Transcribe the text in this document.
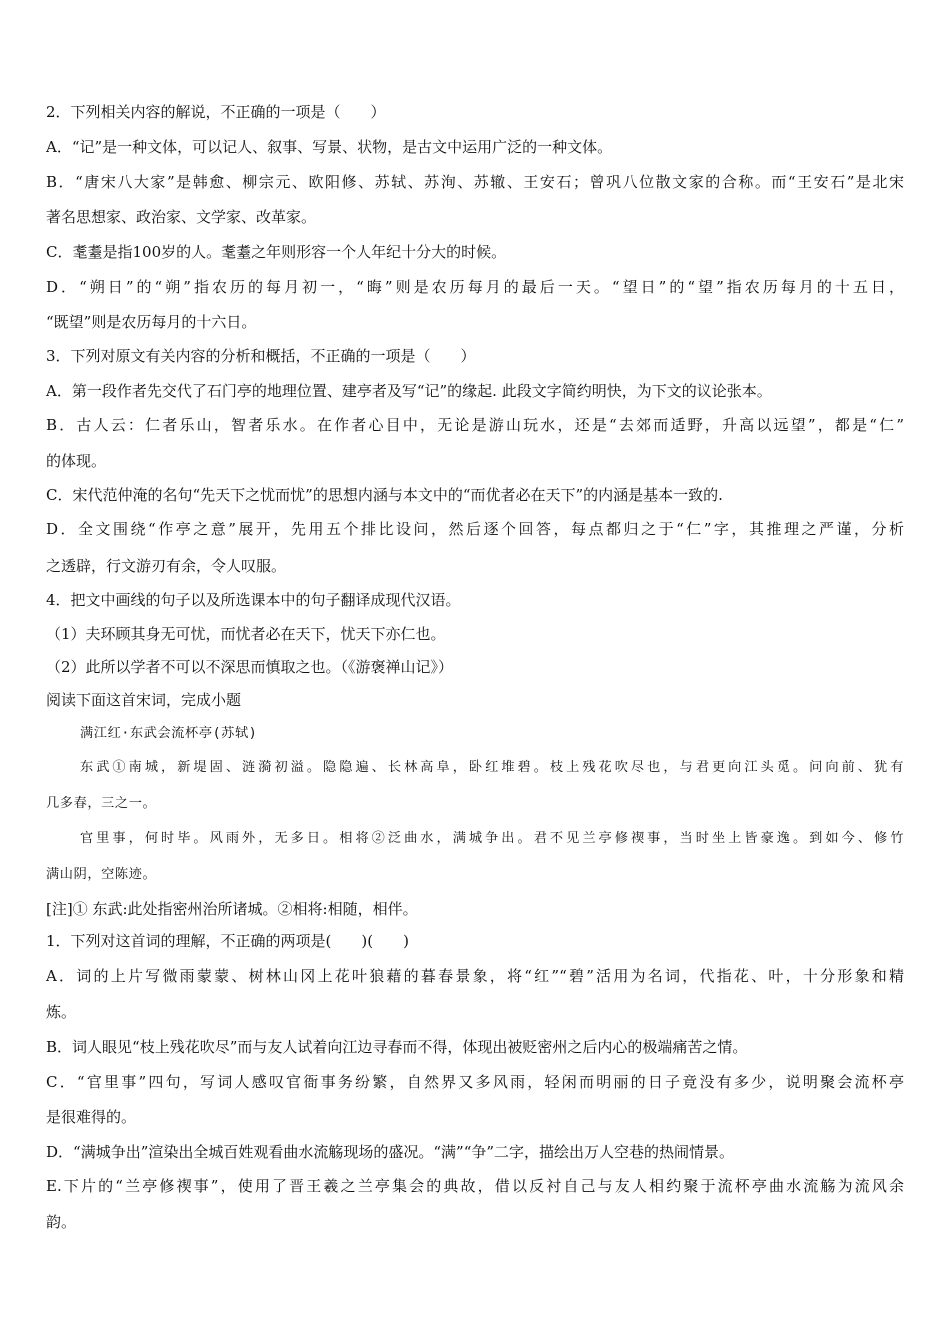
2．下列相关内容的解说，不正确的一项是（　　）
A．“记”是一种文体，可以记人、叙事、写景、状物，是古文中运用广泛的一种文体。
B．“唐宋八大家”是韩愈、柳宗元、欧阳修、苏轼、苏洵、苏辙、王安石；曾巩八位散文家的合称。而“王安石”是北宋
著名思想家、政治家、文学家、改革家。
C．耄耋是指100岁的人。耄耋之年则形容一个人年纪十分大的时候。
D．“朔日”的“朔”指农历的每月初一，“晦”则是农历每月的最后一天。“望日”的“望”指农历每月的十五日，
“既望”则是农历每月的十六日。
3．下列对原文有关内容的分析和概括，不正确的一项是（　　）
A．第一段作者先交代了石门亭的地理位置、建亭者及写“记”的缘起. 此段文字简约明快，为下文的议论张本。
B．古人云：仁者乐山，智者乐水。在作者心目中，无论是游山玩水，还是“去郊而适野，升高以远望”，都是“仁”
的体现。
C．宋代范仲淹的名句“先天下之忧而忧”的思想内涵与本文中的“而优者必在天下”的内涵是基本一致的.
D．全文围绕“作亭之意”展开，先用五个排比设问，然后逐个回答，每点都归之于“仁”字，其推理之严谨，分析
之透辟，行文游刃有余，令人叹服。
4．把文中画线的句子以及所选课本中的句子翻译成现代汉语。
（1）夫环顾其身无可忧，而忧者必在天下，忧天下亦仁也。
（2）此所以学者不可以不深思而慎取之也。（《游褒禅山记》）
阅读下面这首宋词，完成小题
满江红·东武会流杯亭(苏轼)
东武①南城，新堤固、涟漪初溢。隐隐遍、长林高阜，卧红堆碧。枝上残花吹尽也，与君更向江头觅。问向前、犹有
几多春，三之一。
官里事，何时毕。风雨外，无多日。相将②泛曲水，满城争出。君不见兰亭修禊事，当时坐上皆豪逸。到如今、修竹
满山阴，空陈迹。
[注]① 东武:此处指密州治所诸城。②相将:相随，相伴。
1．下列对这首词的理解，不正确的两项是(　　)(　　)
A．词的上片写微雨蒙蒙、树林山冈上花叶狼藉的暮春景象，将“红”“碧”活用为名词，代指花、叶，十分形象和精
炼。
B．词人眼见“枝上残花吹尽”而与友人试着向江边寻春而不得，体现出被贬密州之后内心的极端痛苦之情。
C．“官里事”四句，写词人感叹官衙事务纷繁，自然界又多风雨，轻闲而明丽的日子竟没有多少，说明聚会流杯亭
是很难得的。
D．“满城争出”渲染出全城百姓观看曲水流觞现场的盛况。“满”“争”二字，描绘出万人空巷的热闹情景。
E.下片的“兰亭修禊事”，使用了晋王羲之兰亭集会的典故，借以反衬自己与友人相约聚于流杯亭曲水流觞为流风余
韵。
